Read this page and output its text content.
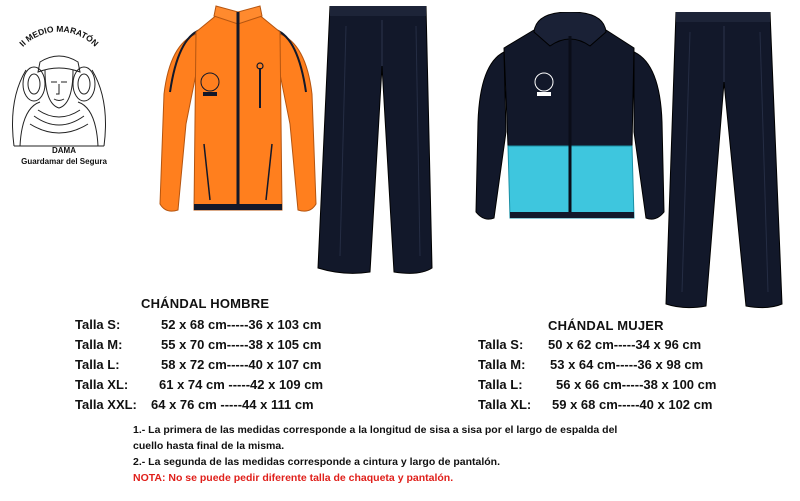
II MEDIO MARATÓN
DAMA
Guardamar del Segura
CHÁNDAL HOMBRE
Talla S:	52 x 68 cm-----36 x 103 cm
Talla M:	55 x 70 cm-----38 x 105 cm
Talla L:	58 x 72 cm-----40 x 107 cm
Talla XL:	61 x 74 cm -----42 x 109 cm
Talla XXL:	64 x 76 cm -----44 x 111 cm
CHÁNDAL MUJER
Talla S:	50 x 62 cm-----34 x 96 cm
Talla M:	53 x 64 cm-----36 x 98 cm
Talla L:	56 x 66 cm-----38 x 100 cm
Talla XL:	59 x 68 cm-----40 x 102 cm
1.- La primera de las medidas corresponde a la longitud de sisa a sisa por el largo de espalda del
cuello hasta final de la misma.
2.- La segunda de las medidas corresponde a cintura y largo de pantalón.
NOTA: No se puede pedir diferente talla de chaqueta y pantalón.
